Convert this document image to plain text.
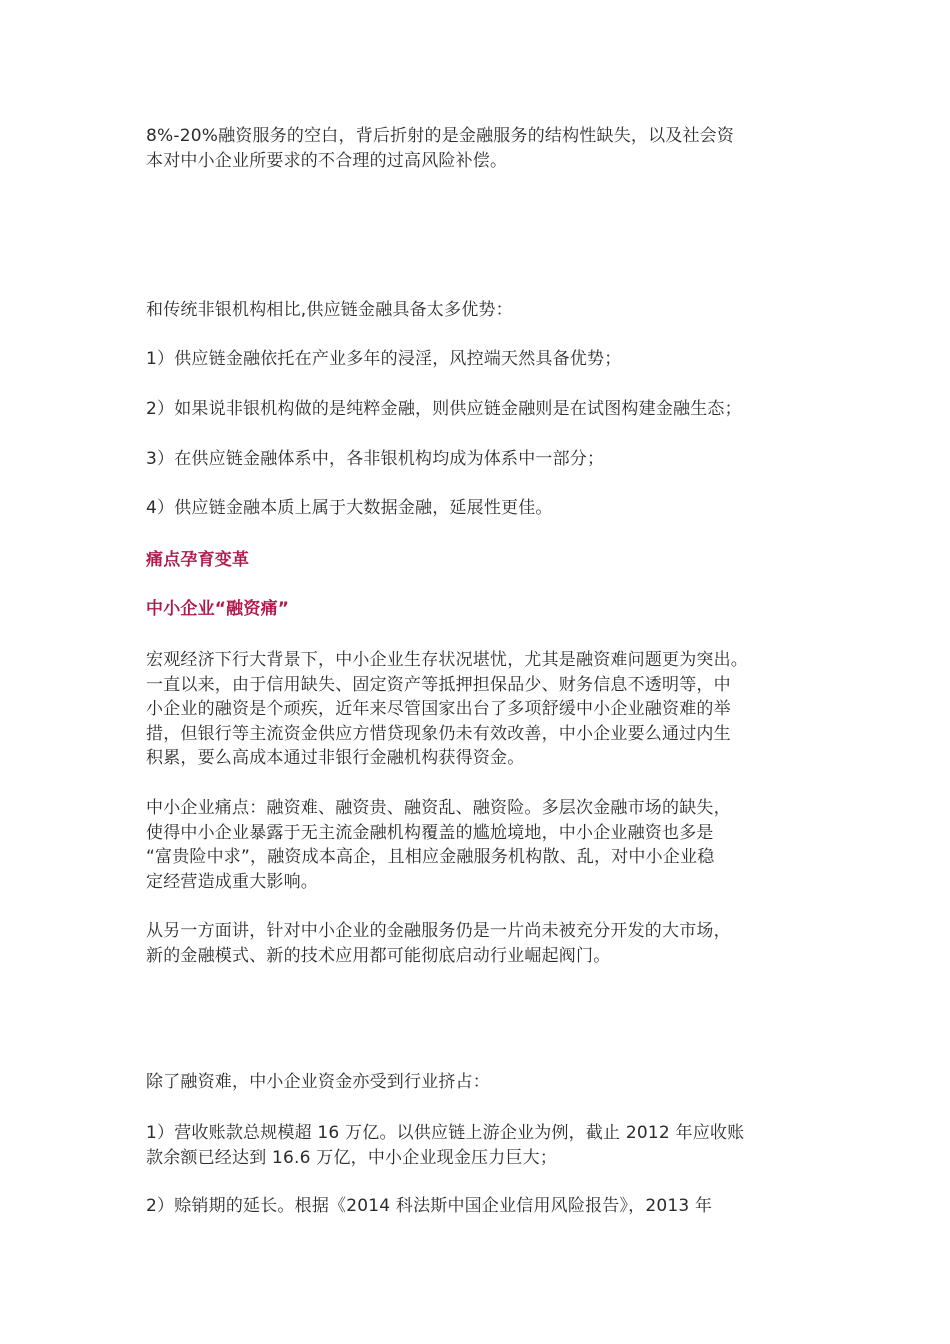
8%-20%融资服务的空白，背后折射的是金融服务的结构性缺失，以及社会资
本对中小企业所要求的不合理的过高风险补偿。

和传统非银机构相比,供应链金融具备太多优势：

1）供应链金融依托在产业多年的浸淫，风控端天然具备优势；

2）如果说非银机构做的是纯粹金融，则供应链金融则是在试图构建金融生态；

3）在供应链金融体系中，各非银机构均成为体系中一部分；

4）供应链金融本质上属于大数据金融，延展性更佳。

痛点孕育变革

中小企业“融资痛”

宏观经济下行大背景下，中小企业生存状况堪忧，尤其是融资难问题更为突出。
一直以来，由于信用缺失、固定资产等抵押担保品少、财务信息不透明等，中
小企业的融资是个顽疾，近年来尽管国家出台了多项舒缓中小企业融资难的举
措，但银行等主流资金供应方惜贷现象仍未有效改善，中小企业要么通过内生
积累，要么高成本通过非银行金融机构获得资金。

中小企业痛点：融资难、融资贵、融资乱、融资险。多层次金融市场的缺失，
使得中小企业暴露于无主流金融机构覆盖的尴尬境地，中小企业融资也多是
“富贵险中求”，融资成本高企，且相应金融服务机构散、乱，对中小企业稳
定经营造成重大影响。

从另一方面讲，针对中小企业的金融服务仍是一片尚未被充分开发的大市场，
新的金融模式、新的技术应用都可能彻底启动行业崛起阀门。

除了融资难，中小企业资金亦受到行业挤占：

1）营收账款总规模超 16 万亿。以供应链上游企业为例，截止 2012 年应收账
款余额已经达到 16.6 万亿，中小企业现金压力巨大；

2）赊销期的延长。根据《2014 科法斯中国企业信用风险报告》，2013 年
